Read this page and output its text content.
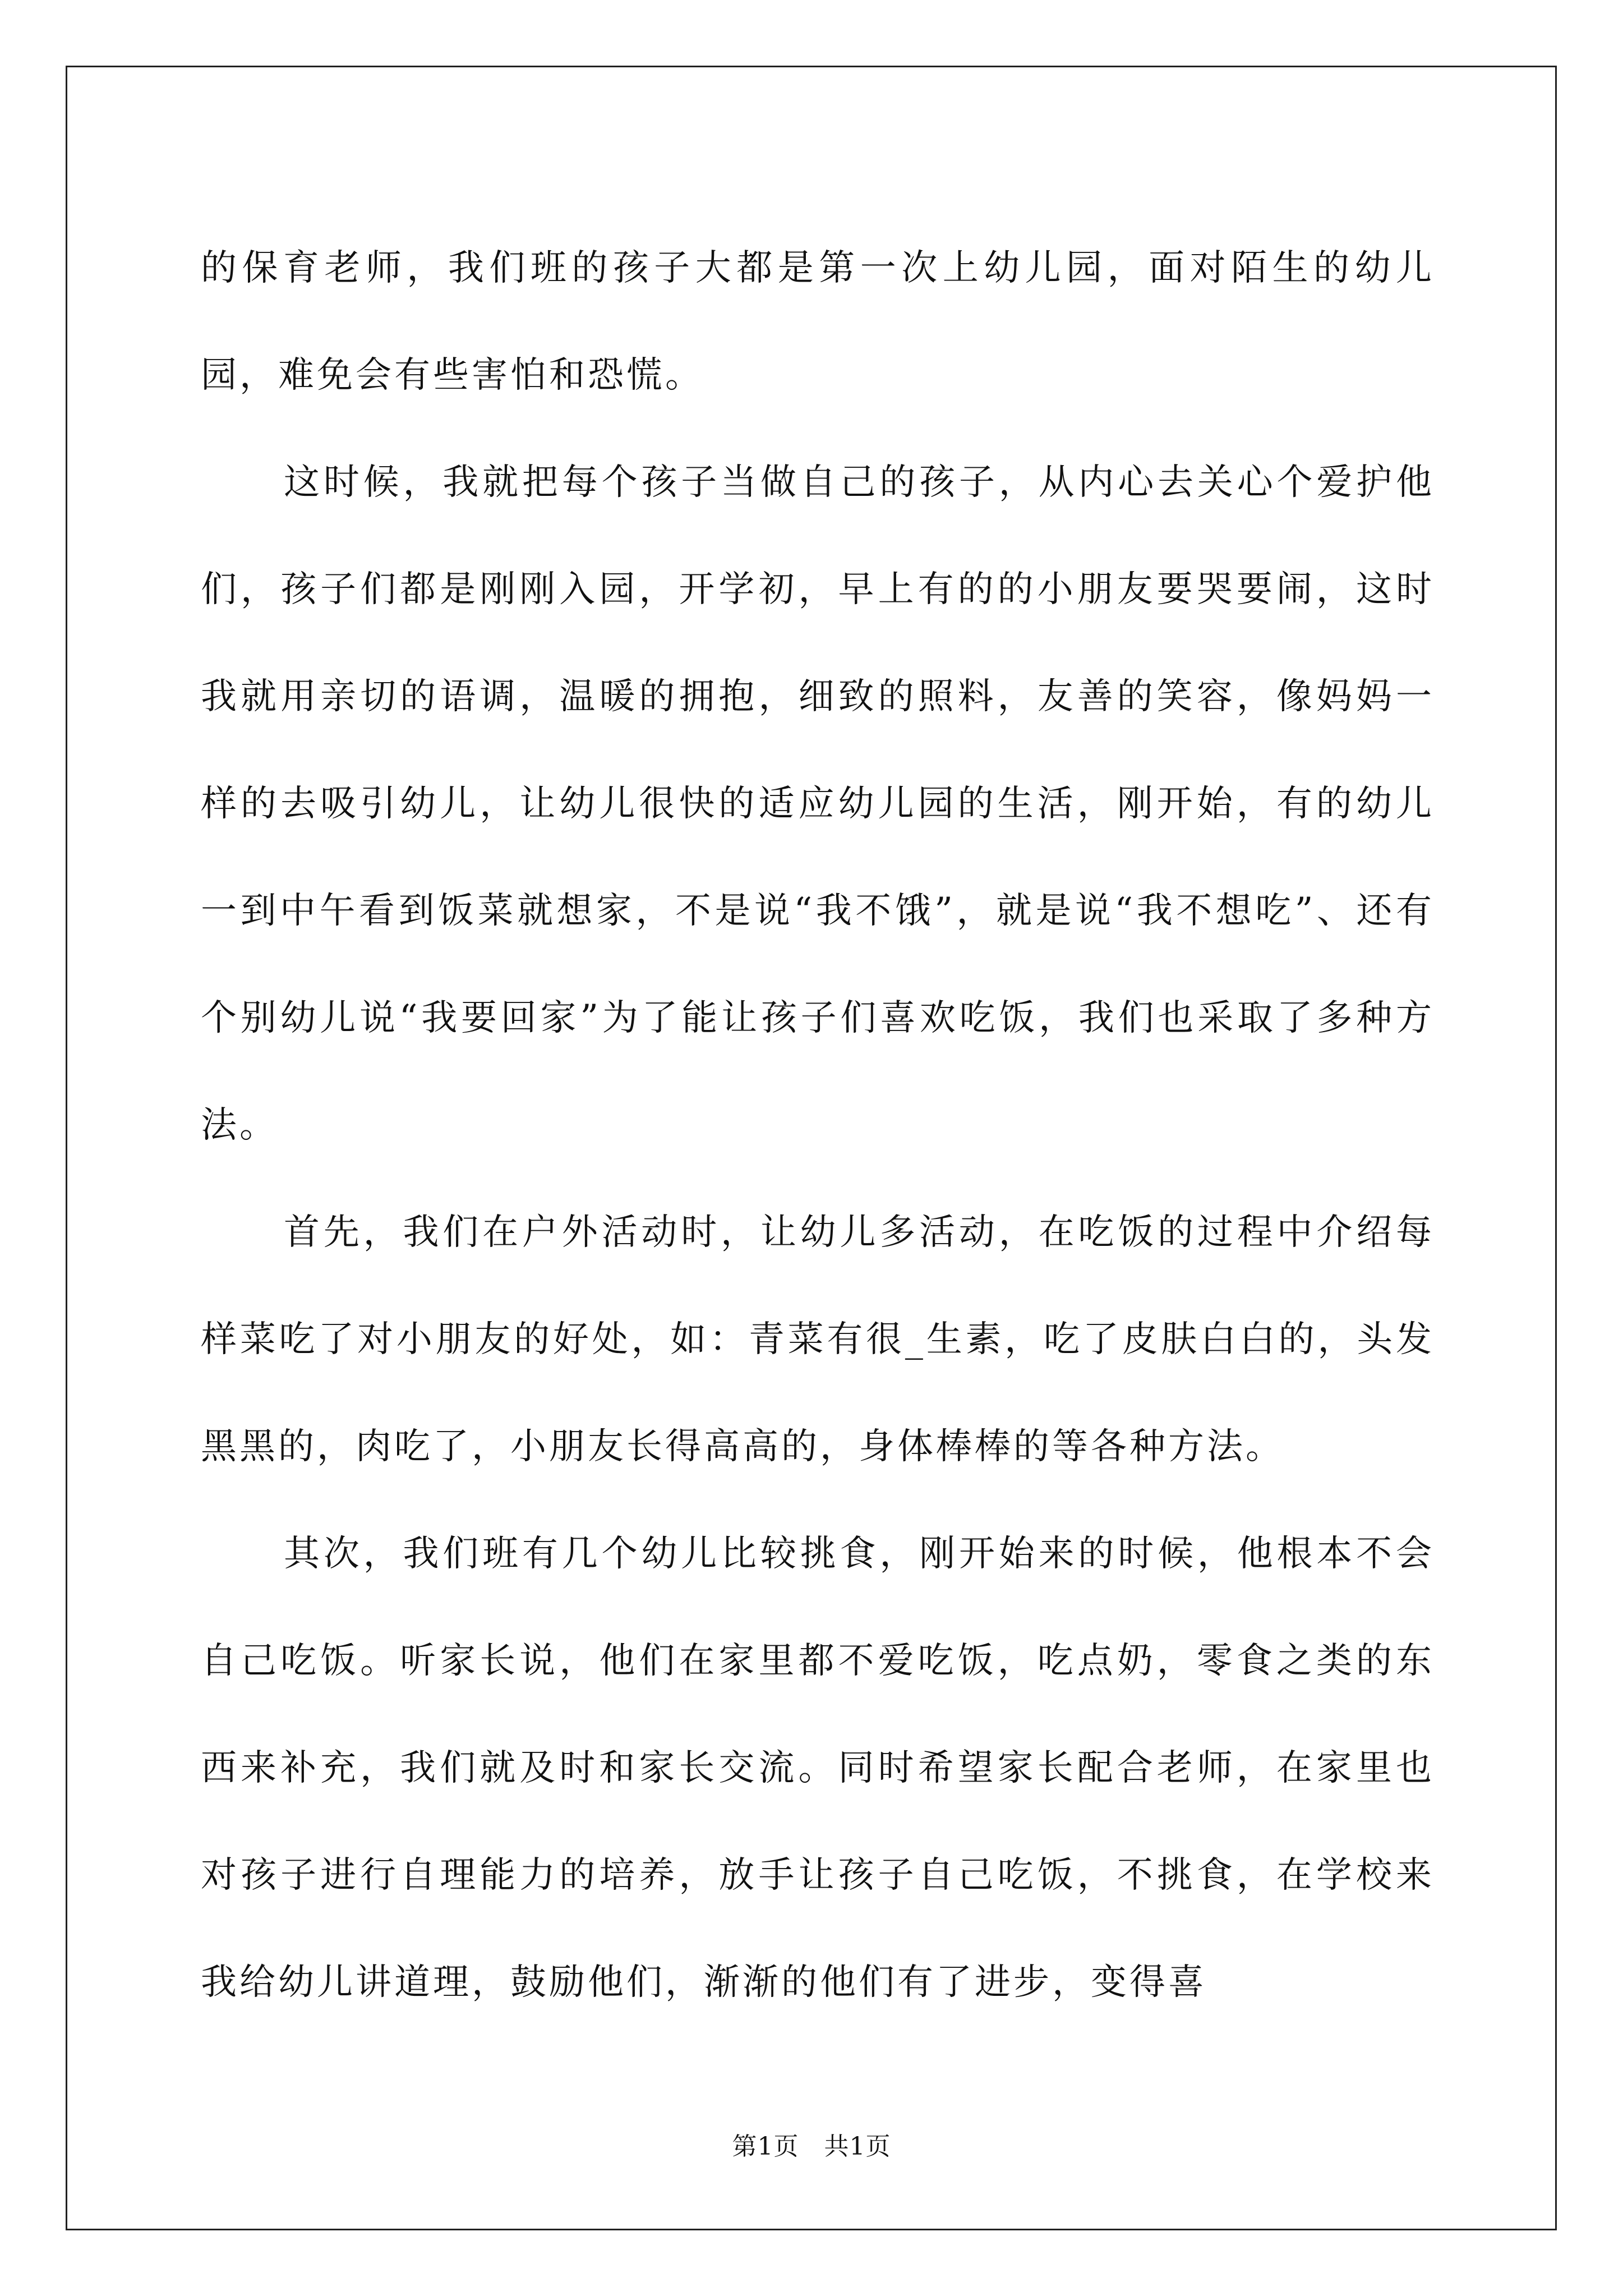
的保育老师，我们班的孩子大都是第一次上幼儿园，面对陌生的幼儿园，难免会有些害怕和恐慌。

这时候，我就把每个孩子当做自己的孩子，从内心去关心个爱护他们，孩子们都是刚刚入园，开学初，早上有的的小朋友要哭要闹，这时我就用亲切的语调，温暖的拥抱，细致的照料，友善的笑容，像妈妈一样的去吸引幼儿，让幼儿很快的适应幼儿园的生活，刚开始，有的幼儿一到中午看到饭菜就想家，不是说“我不饿”，就是说“我不想吃”、还有个别幼儿说“我要回家”为了能让孩子们喜欢吃饭，我们也采取了多种方法。

首先，我们在户外活动时，让幼儿多活动，在吃饭的过程中介绍每样菜吃了对小朋友的好处，如：青菜有很_生素，吃了皮肤白白的，头发黑黑的，肉吃了，小朋友长得高高的，身体棒棒的等各种方法。

其次，我们班有几个幼儿比较挑食，刚开始来的时候，他根本不会自己吃饭。听家长说，他们在家里都不爱吃饭，吃点奶，零食之类的东西来补充，我们就及时和家长交流。同时希望家长配合老师，在家里也对孩子进行自理能力的培养，放手让孩子自己吃饭，不挑食，在学校来我给幼儿讲道理，鼓励他们，渐渐的他们有了进步，变得喜

第1页　共1页
